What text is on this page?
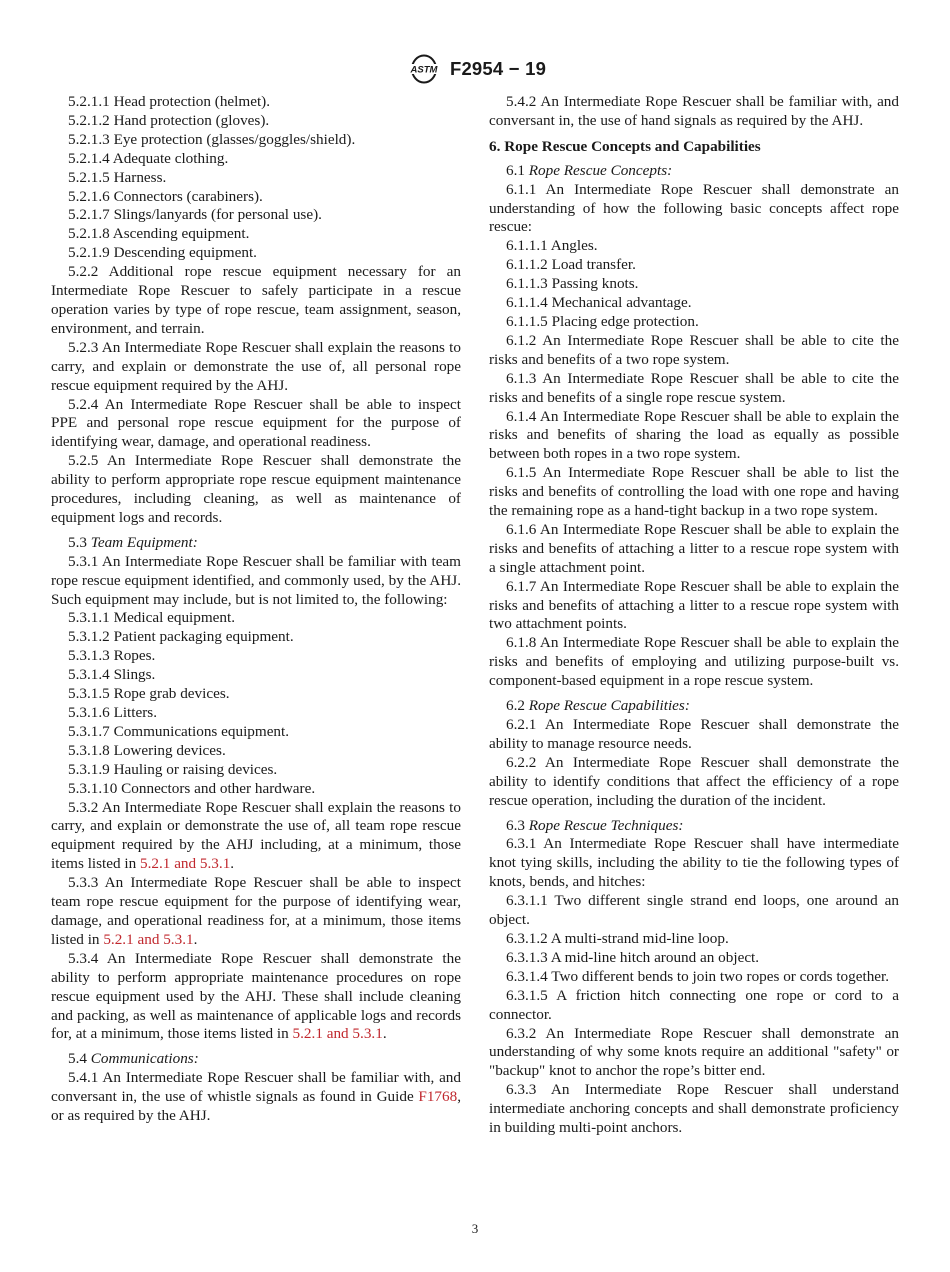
ASTM F2954 − 19

5.2.1.1 Head protection (helmet).

5.2.1.2 Hand protection (gloves).

5.2.1.3 Eye protection (glasses/goggles/shield).

5.2.1.4 Adequate clothing.

5.2.1.5 Harness.

5.2.1.6 Connectors (carabiners).

5.2.1.7 Slings/lanyards (for personal use).

5.2.1.8 Ascending equipment.

5.2.1.9 Descending equipment.

5.2.2 Additional rope rescue equipment necessary for an Intermediate Rope Rescuer to safely participate in a rescue operation varies by type of rope rescue, team assignment, season, environment, and terrain.

5.2.3 An Intermediate Rope Rescuer shall explain the reasons to carry, and explain or demonstrate the use of, all personal rope rescue equipment required by the AHJ.

5.2.4 An Intermediate Rope Rescuer shall be able to inspect PPE and personal rope rescue equipment for the purpose of identifying wear, damage, and operational readiness.

5.2.5 An Intermediate Rope Rescuer shall demonstrate the ability to perform appropriate rope rescue equipment maintenance procedures, including cleaning, as well as maintenance of equipment logs and records.

5.3 Team Equipment:

5.3.1 An Intermediate Rope Rescuer shall be familiar with team rope rescue equipment identified, and commonly used, by the AHJ. Such equipment may include, but is not limited to, the following:

5.3.1.1 Medical equipment.

5.3.1.2 Patient packaging equipment.

5.3.1.3 Ropes.

5.3.1.4 Slings.

5.3.1.5 Rope grab devices.

5.3.1.6 Litters.

5.3.1.7 Communications equipment.

5.3.1.8 Lowering devices.

5.3.1.9 Hauling or raising devices.

5.3.1.10 Connectors and other hardware.

5.3.2 An Intermediate Rope Rescuer shall explain the reasons to carry, and explain or demonstrate the use of, all team rope rescue equipment required by the AHJ including, at a minimum, those items listed in 5.2.1 and 5.3.1.

5.3.3 An Intermediate Rope Rescuer shall be able to inspect team rope rescue equipment for the purpose of identifying wear, damage, and operational readiness for, at a minimum, those items listed in 5.2.1 and 5.3.1.

5.3.4 An Intermediate Rope Rescuer shall demonstrate the ability to perform appropriate maintenance procedures on rope rescue equipment used by the AHJ. These shall include cleaning and packing, as well as maintenance of applicable logs and records for, at a minimum, those items listed in 5.2.1 and 5.3.1.

5.4 Communications:

5.4.1 An Intermediate Rope Rescuer shall be familiar with, and conversant in, the use of whistle signals as found in Guide F1768, or as required by the AHJ.

5.4.2 An Intermediate Rope Rescuer shall be familiar with, and conversant in, the use of hand signals as required by the AHJ.

6. Rope Rescue Concepts and Capabilities

6.1 Rope Rescue Concepts:

6.1.1 An Intermediate Rope Rescuer shall demonstrate an understanding of how the following basic concepts affect rope rescue:

6.1.1.1 Angles.

6.1.1.2 Load transfer.

6.1.1.3 Passing knots.

6.1.1.4 Mechanical advantage.

6.1.1.5 Placing edge protection.

6.1.2 An Intermediate Rope Rescuer shall be able to cite the risks and benefits of a two rope system.

6.1.3 An Intermediate Rope Rescuer shall be able to cite the risks and benefits of a single rope rescue system.

6.1.4 An Intermediate Rope Rescuer shall be able to explain the risks and benefits of sharing the load as equally as possible between both ropes in a two rope system.

6.1.5 An Intermediate Rope Rescuer shall be able to list the risks and benefits of controlling the load with one rope and having the remaining rope as a hand-tight backup in a two rope system.

6.1.6 An Intermediate Rope Rescuer shall be able to explain the risks and benefits of attaching a litter to a rescue rope system with a single attachment point.

6.1.7 An Intermediate Rope Rescuer shall be able to explain the risks and benefits of attaching a litter to a rescue rope system with two attachment points.

6.1.8 An Intermediate Rope Rescuer shall be able to explain the risks and benefits of employing and utilizing purpose-built vs. component-based equipment in a rope rescue system.

6.2 Rope Rescue Capabilities:

6.2.1 An Intermediate Rope Rescuer shall demonstrate the ability to manage resource needs.

6.2.2 An Intermediate Rope Rescuer shall demonstrate the ability to identify conditions that affect the efficiency of a rope rescue operation, including the duration of the incident.

6.3 Rope Rescue Techniques:

6.3.1 An Intermediate Rope Rescuer shall have intermediate knot tying skills, including the ability to tie the following types of knots, bends, and hitches:

6.3.1.1 Two different single strand end loops, one around an object.

6.3.1.2 A multi-strand mid-line loop.

6.3.1.3 A mid-line hitch around an object.

6.3.1.4 Two different bends to join two ropes or cords together.

6.3.1.5 A friction hitch connecting one rope or cord to a connector.

6.3.2 An Intermediate Rope Rescuer shall demonstrate an understanding of why some knots require an additional "safety" or "backup" knot to anchor the rope’s bitter end.

6.3.3 An Intermediate Rope Rescuer shall understand intermediate anchoring concepts and shall demonstrate proficiency in building multi-point anchors.

3
